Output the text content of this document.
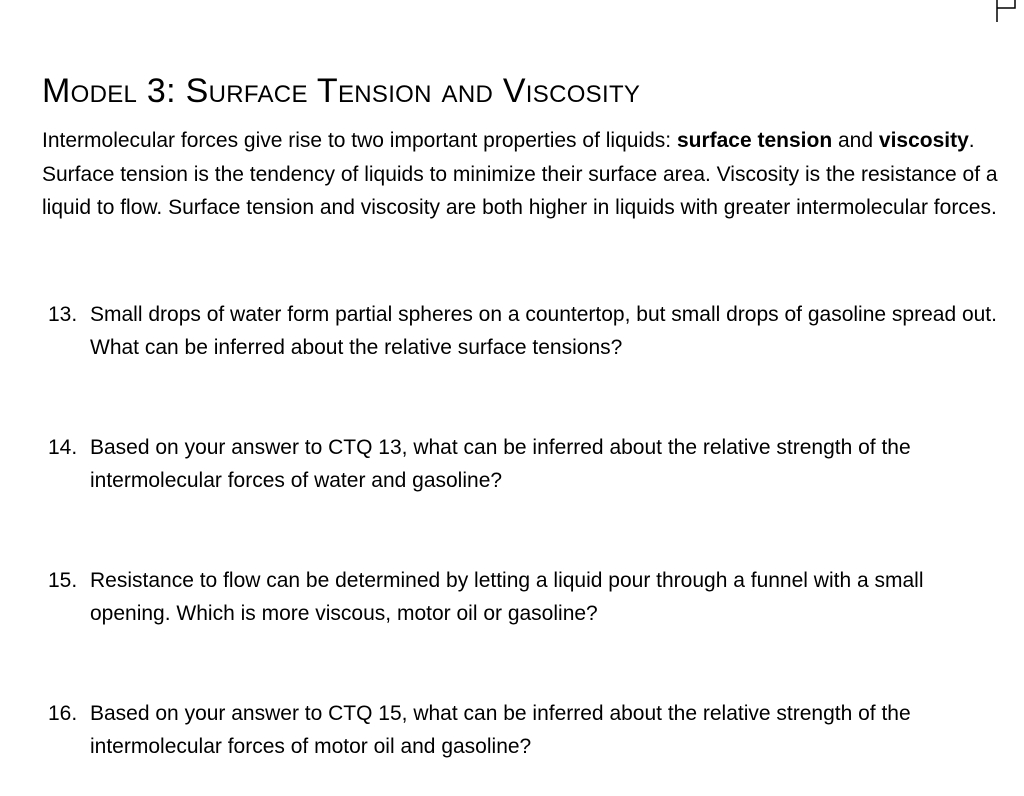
Model 3: Surface Tension and Viscosity

Intermolecular forces give rise to two important properties of liquids: surface tension and viscosity. Surface tension is the tendency of liquids to minimize their surface area. Viscosity is the resistance of a liquid to flow. Surface tension and viscosity are both higher in liquids with greater intermolecular forces.

13. Small drops of water form partial spheres on a countertop, but small drops of gasoline spread out. What can be inferred about the relative surface tensions?
14. Based on your answer to CTQ 13, what can be inferred about the relative strength of the intermolecular forces of water and gasoline?
15. Resistance to flow can be determined by letting a liquid pour through a funnel with a small opening. Which is more viscous, motor oil or gasoline?
16. Based on your answer to CTQ 15, what can be inferred about the relative strength of the intermolecular forces of motor oil and gasoline?
